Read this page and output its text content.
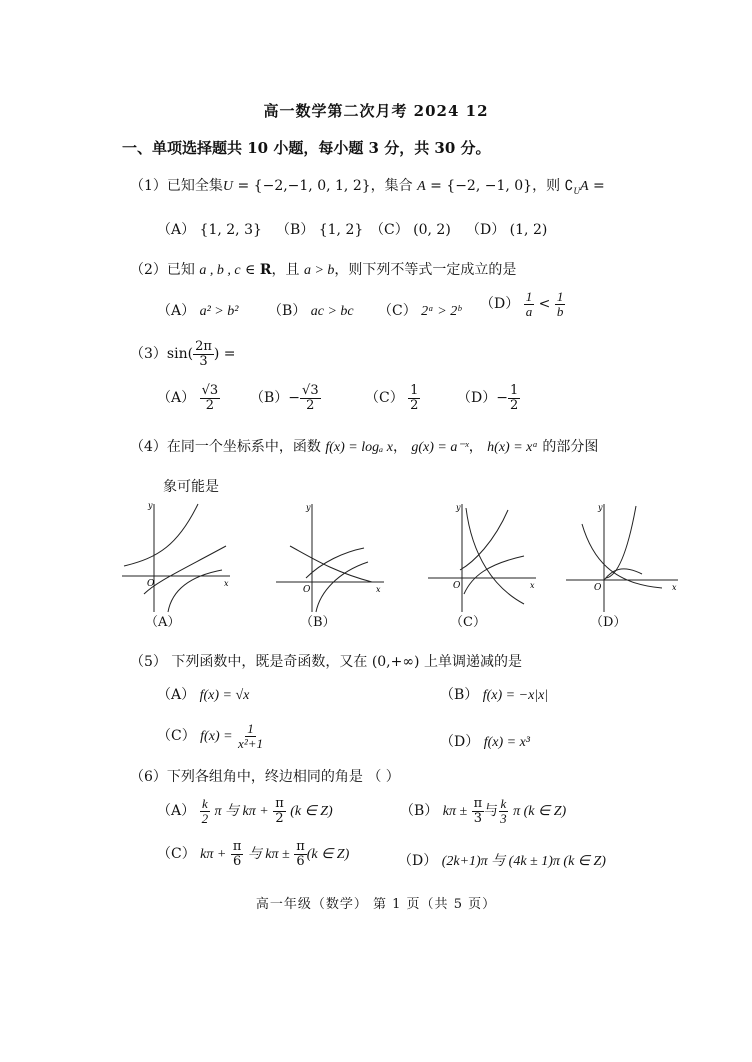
高一数学第二次月考 2024 12
一、单项选择题共 10 小题，每小题 3 分，共 30 分。
（1）已知全集U = {−2,−1, 0, 1, 2}，集合 A = {−2, −1, 0}，则 $∁_UA$ =
（A） {1, 2, 3} （B） {1, 2} （C） (0, 2) （D） (1, 2)
（2）已知 a , b , c ∈ R，且 a > b，则下列不等式一定成立的是
（A） a² > b² （B） ac > bc （C） 2ᵃ > 2ᵇ $(D) \frac{1}{a} < \frac{1}{b}$
$(3)\sin( \frac{2\pi}{3}$ ) =
$(A) \frac{√3}{2} (B)- \frac{√3}{2}$	$(C) \frac{1}{2}$	$(D)- \frac{1}{2}$
（4）在同一个坐标系中，函数 f(x) = logₐ x， g(x) = a⁻ˣ， h(x) = xᵃ 的部分图
象可能是
y
x
O
（A）
y
x
O
（B）
y
x
O
（C）
y
x
O
（D）
（5） 下列函数中，既是奇函数，又在 (0,+∞) 上单调递减的是
（A） f(x) = √x	（B） f(x) = −x|x|
（C） $f(x) = \frac{1}{\text{x²+1}}$	（D） f(x) = x³
（6）下列各组角中，终边相同的角是 （ ）
$(A) \frac{k}{2}$ π 与 $k\pi + \frac{\pi}{2} (k$ ∈ Z)	（B） $k\pi \pm \frac{\pi}{3}$ 与 $\frac{k}{3}$ π (k ∈ Z)
（C） $k\pi + \frac{\pi}{6}$ 与 $k\pi \pm \frac{\pi}{6} (k$ ∈ Z)	（D） (2k+1)π 与 (4k ± 1)π (k ∈ Z)
高一年级（数学） 第 1 页（共 5 页）
